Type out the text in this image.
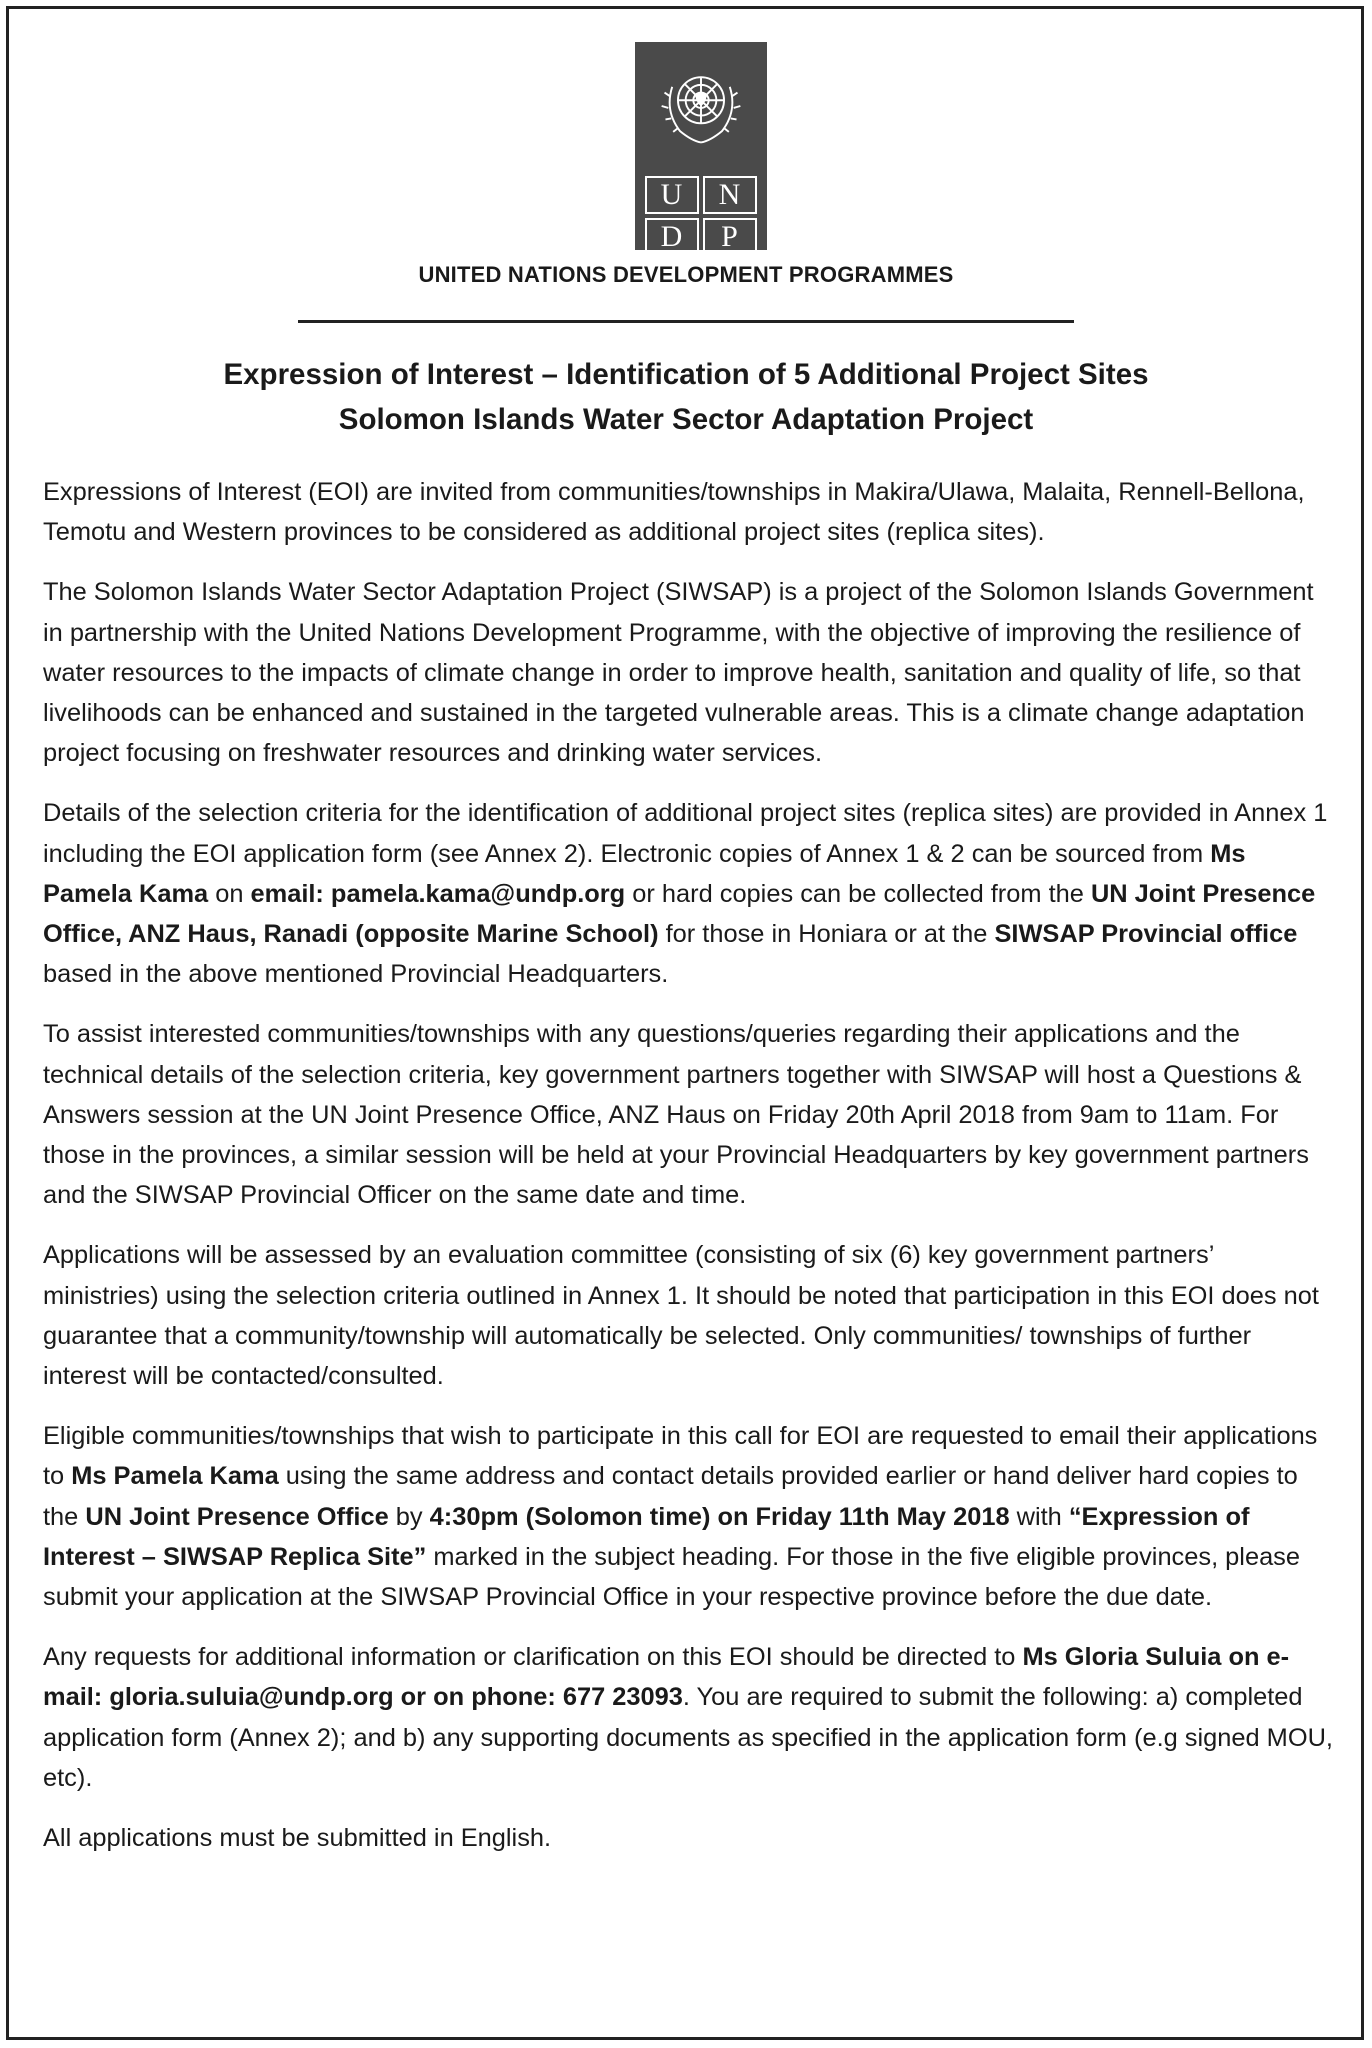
U	N
D	P
UNITED NATIONS DEVELOPMENT PROGRAMMES
Expression of Interest – Identification of 5 Additional Project Sites
Solomon Islands Water Sector Adaptation Project

Expressions of Interest (EOI) are invited from communities/townships in Makira/Ulawa, Malaita, Rennell-Bellona, Temotu and Western provinces to be considered as additional project sites (replica sites).

The Solomon Islands Water Sector Adaptation Project (SIWSAP) is a project of the Solomon Islands Government in partnership with the United Nations Development Programme, with the objective of improving the resilience of water resources to the impacts of climate change in order to improve health, sanitation and quality of life, so that livelihoods can be enhanced and sustained in the targeted vulnerable areas. This is a climate change adaptation project focusing on freshwater resources and drinking water services.

Details of the selection criteria for the identification of additional project sites (replica sites) are provided in Annex 1 including the EOI application form (see Annex 2). Electronic copies of Annex 1 & 2 can be sourced from Ms Pamela Kama on email: pamela.kama@undp.org or hard copies can be collected from the UN Joint Presence Office, ANZ Haus, Ranadi (opposite Marine School) for those in Honiara or at the SIWSAP Provincial office based in the above mentioned Provincial Headquarters.

To assist interested communities/townships with any questions/queries regarding their applications and the technical details of the selection criteria, key government partners together with SIWSAP will host a Questions & Answers session at the UN Joint Presence Office, ANZ Haus on Friday 20th April 2018 from 9am to 11am. For those in the provinces, a similar session will be held at your Provincial Headquarters by key government partners and the SIWSAP Provincial Officer on the same date and time.

Applications will be assessed by an evaluation committee (consisting of six (6) key government partners’ ministries) using the selection criteria outlined in Annex 1. It should be noted that participation in this EOI does not guarantee that a community/township will automatically be selected. Only communities/ townships of further interest will be contacted/consulted.

Eligible communities/townships that wish to participate in this call for EOI are requested to email their applications to Ms Pamela Kama using the same address and contact details provided earlier or hand deliver hard copies to the UN Joint Presence Office by 4:30pm (Solomon time) on Friday 11th May 2018 with “Expression of Interest – SIWSAP Replica Site” marked in the subject heading. For those in the five eligible provinces, please submit your application at the SIWSAP Provincial Office in your respective province before the due date.

Any requests for additional information or clarification on this EOI should be directed to Ms Gloria Suluia on e-mail: gloria.suluia@undp.org or on phone: 677 23093. You are required to submit the following: a) completed application form (Annex 2); and b) any supporting documents as specified in the application form (e.g signed MOU, etc).

All applications must be submitted in English.
